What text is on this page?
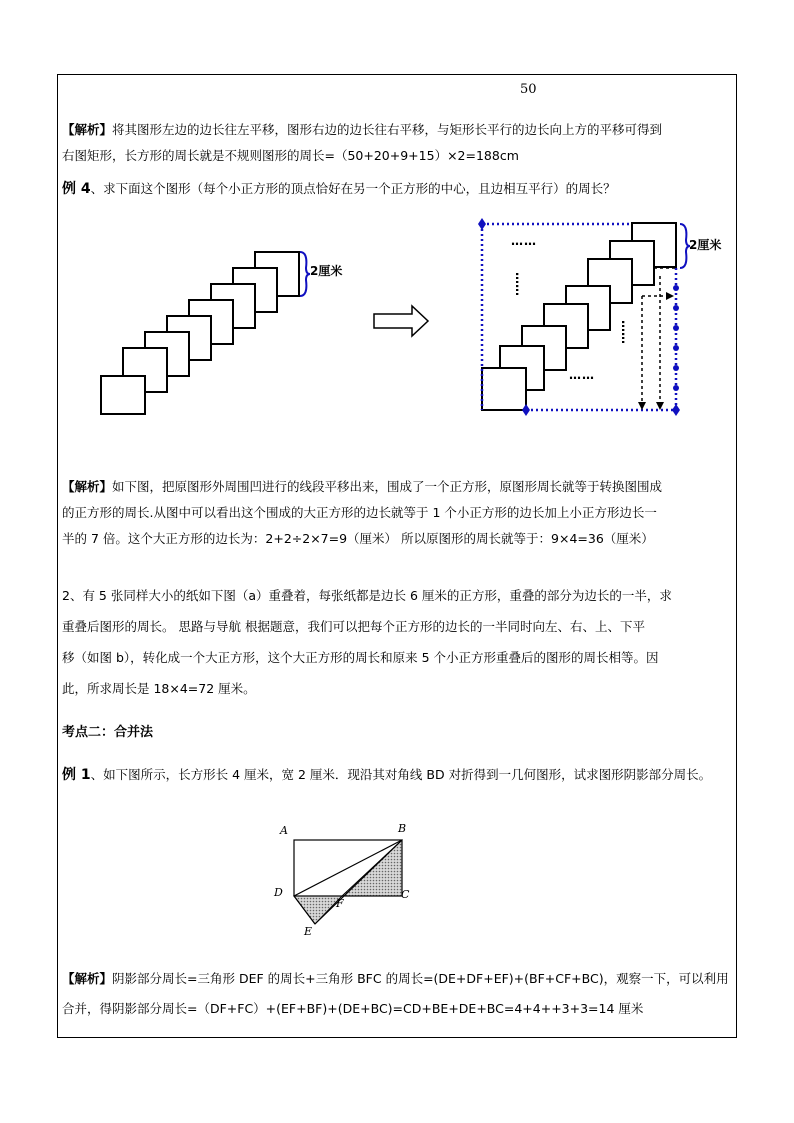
50
【解析】将其图形左边的边长往左平移，图形右边的边长往右平移，与矩形长平行的边长向上方的平移可得到
右图矩形，长方形的周长就是不规则图形的周长=（50+20+9+15）×2=188cm
例 4、求下面这个图形（每个小正方形的顶点恰好在另一个正方形的中心，且边相互平行）的周长？
2厘米
2厘米
……
……
……
……
【解析】如下图，把原图形外周围凹进行的线段平移出来，围成了一个正方形，原图形周长就等于转换图围成
的正方形的周长.从图中可以看出这个围成的大正方形的边长就等于 1 个小正方形的边长加上小正方形边长一
半的 7 倍。这个大正方形的边长为：2+2÷2×7=9（厘米） 所以原图形的周长就等于：9×4=36（厘米）
2、有 5 张同样大小的纸如下图（a）重叠着，每张纸都是边长 6 厘米的正方形，重叠的部分为边长的一半，求
重叠后图形的周长。 思路与导航 根据题意，我们可以把每个正方形的边长的一半同时向左、右、上、下平
移（如图 b），转化成一个大正方形，这个大正方形的周长和原来 5 个小正方形重叠后的图形的周长相等。因
此，所求周长是 18×4=72 厘米。
考点二：合并法
例 1、如下图所示，长方形长 4 厘米，宽 2 厘米．现沿其对角线 BD 对折得到一几何图形，试求图形阴影部分周长。
A	B
C
D
E
F
【解析】阴影部分周长=三角形 DEF 的周长+三角形 BFC 的周长=(DE+DF+EF)+(BF+CF+BC)，观察一下，可以利用
合并，得阴影部分周长=（DF+FC）+(EF+BF)+(DE+BC)=CD+BE+DE+BC=4+4++3+3=14 厘米
